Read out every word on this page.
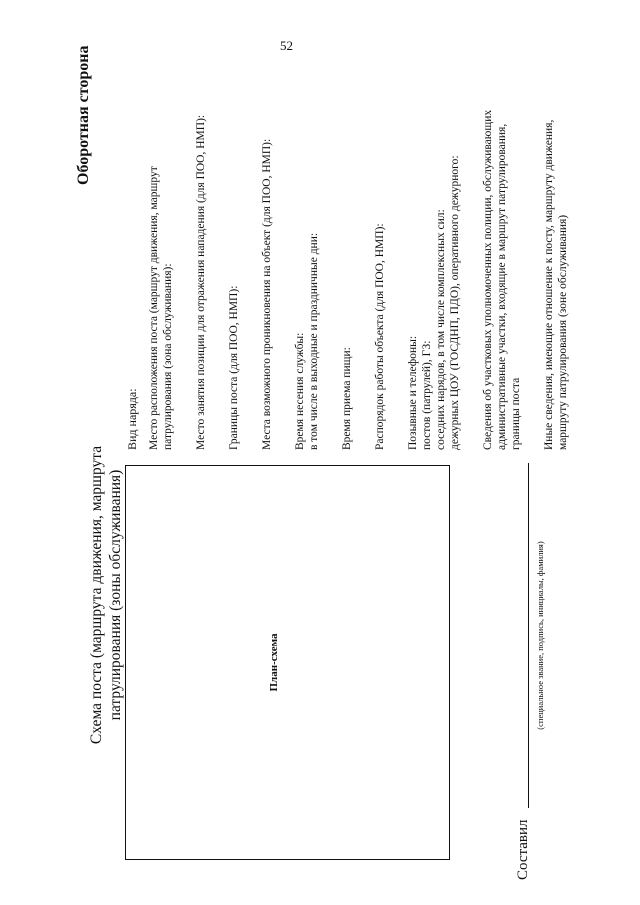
52
Оборотная сторона
Схема поста (маршрута движения, маршрута патрулирования (зоны обслуживания)	План-схема
Вид наряда: Место расположения поста (маршрут движения, маршрут патрулирования (зона обслуживания): Место занятия позиции для отражения нападения (для ПОО, НМП): Границы поста (для ПОО, НМП): Места возможного проникновения на объект (для ПОО, НМП): Время несения службы: в том числе в выходные и праздничные дни: Время приема пищи: Распорядок работы объекта (для ПОО, НМП): Позывные и телефоны: постов (патрулей), ГЗ: соседних нарядов, в том числе комплексных сил: дежурных ЦОУ (ГОСДНП, ПДО), оперативного дежурного: Сведения об участковых уполномоченных полиции, обслуживающих административные участки, входящие в маршрут патрулирования, границы поста Иные сведения, имеющие отношение к посту, маршруту движения, маршруту патрулирования (зоне обслуживания)
Составил
(специальное звание, подпись, инициалы, фамилия)
